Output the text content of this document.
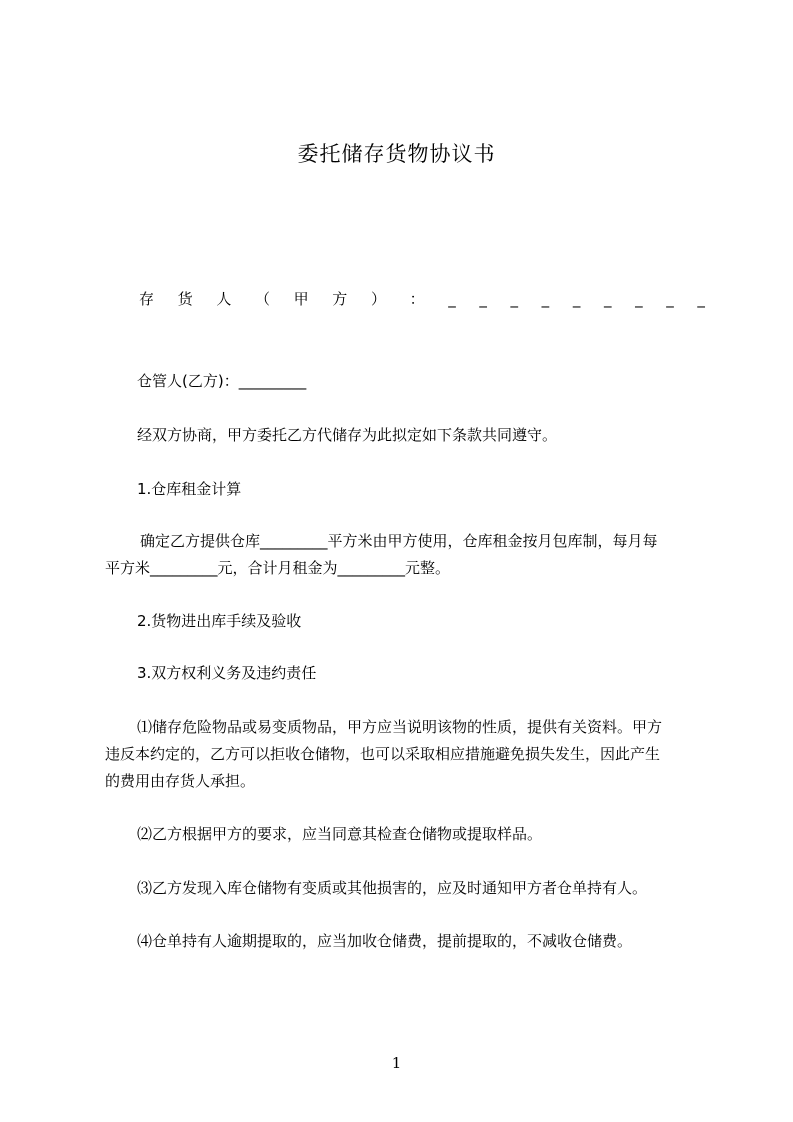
委托储存货物协议书
存 货 人 （ 甲 方 ） ： _ _ _ _ _ _ _ _ _
仓管人(乙方)：_________
经双方协商，甲方委托乙方代储存为此拟定如下条款共同遵守。
1.仓库租金计算
确定乙方提供仓库_________平方米由甲方使用，仓库租金按月包库制，每月每
平方米_________元，合计月租金为_________元整。
2.货物进出库手续及验收
3.双方权利义务及违约责任
⑴储存危险物品或易变质物品，甲方应当说明该物的性质，提供有关资料。甲方
违反本约定的，乙方可以拒收仓储物，也可以采取相应措施避免损失发生，因此产生
的费用由存货人承担。
⑵乙方根据甲方的要求，应当同意其检查仓储物或提取样品。
⑶乙方发现入库仓储物有变质或其他损害的，应及时通知甲方者仓单持有人。
⑷仓单持有人逾期提取的，应当加收仓储费，提前提取的，不减收仓储费。
1
